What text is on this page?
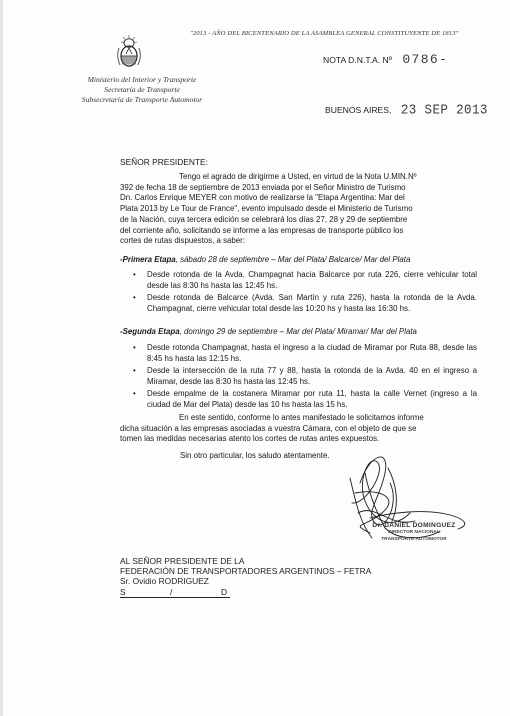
"2013 - AÑO DEL BICENTENARIO DE LA ASAMBLEA GENERAL CONSTITUYENTE DE 1813"
Ministerio del Interior y Transporte
Secretaría de Transporte
Subsecretaría de Transporte Automotor
NOTA D.N.T.A. Nº 0786-
BUENOS AIRES, 23 SEP 2013
SEÑOR PRESIDENTE:
Tengo el agrado de dirigirme a Usted, en virtud de la Nota U.MIN.Nº
392 de fecha 18 de septiembre de 2013 enviada por el Señor Ministro de Turismo
Dn. Carlos Enrique MEYER con motivo de realizarse la "Etapa Argentina: Mar del
Plata 2013 by Le Tour de France", evento impulsado desde el Ministerio de Turismo
de la Nación, cuya tercera edición se celebrará los días 27, 28 y 29 de septiembre
del corriente año, solicitando se informe a las empresas de transporte público los
cortes de rutas dispuestos, a saber:
-Primera Etapa, sábado 28 de septiembre – Mar del Plata/ Balcarce/ Mar del Plata
• Desde rotonda de la Avda. Champagnat hacia Balcarce por ruta 226, cierre vehicular total desde las 8:30 hs hasta las 12:45 hs.
• Desde rotonda de Balcarce (Avda. San Martín y ruta 226), hasta la rotonda de la Avda. Champagnat, cierre vehicular total desde las 10:20 hs y hasta las 16:30 hs.
-Segunda Etapa, domingo 29 de septiembre – Mar del Plata/ Miramar/ Mar del Plata
• Desde rotonda Champagnat, hasta el ingreso a la ciudad de Miramar por Ruta 88, desde las 8:45 hs hasta las 12:15 hs.
• Desde la intersección de la ruta 77 y 88, hasta la rotonda de la Avda. 40 en el ingreso a Miramar, desde las 8:30 hs hasta las 12:45 hs.
• Desde empalme de la costanera Miramar por ruta 11, hasta la calle Vernet (ingreso a la ciudad de Mar del Plata) desde las 10 hs hasta las 15 hs.
En este sentido, conforme lo antes manifestado le solicitamos informe
dicha situación a las empresas asociadas a vuestra Cámara, con el objeto de que se
tomen las medidas necesarias atento los cortes de rutas antes expuestos.
Sin otro particular, los saludo atentamente.
Dr. DANIEL DOMINGUEZ
DIRECTOR NACIONAL
TRANSPORTE AUTOMOTOR
AL SEÑOR PRESIDENTE DE LA
FEDERACIÓN DE TRANSPORTADORES ARGENTINOS – FETRA
Sr. Ovidio RODRIGUEZ
S	/	D
